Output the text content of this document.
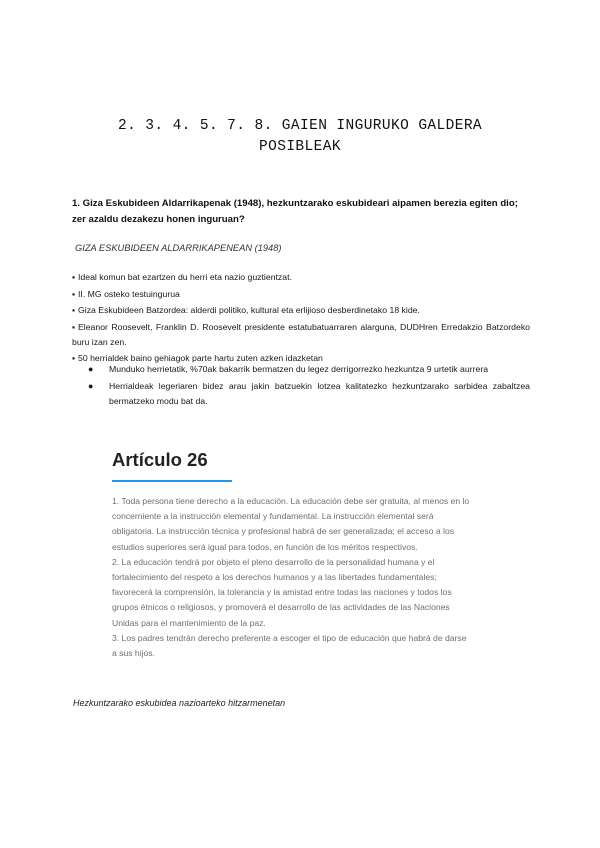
2. 3. 4. 5. 7. 8. GAIEN INGURUKO GALDERA
POSIBLEAK
1. Giza Eskubideen Aldarrikapenak (1948), hezkuntzarako eskubideari aipamen berezia egiten dio; zer azaldu dezakezu honen inguruan?
GIZA ESKUBIDEEN ALDARRIKAPENEAN (1948)
▪ Ideal komun bat ezartzen du herri eta nazio guztientzat.
▪ II. MG osteko testuingurua
▪ Giza Eskubideen Batzordea: alderdi politiko, kultural eta erlijioso desberdinetako 18 kide.
▪ Eleanor Roosevelt, Franklin D. Roosevelt presidente estatubatuarraren alarguna, DUDHren Erredakzio Batzordeko buru izan zen.
▪ 50 herrialdek baino gehiagok parte hartu zuten azken idazketan
● Munduko herrietatik, %70ak bakarrik bermatzen du legez derrigorrezko hezkuntza 9 urtetik aurrera
● Herrialdeak legeriaren bidez arau jakin batzuekin lotzea kalitatezko hezkuntzarako sarbidea zabaltzea bermatzeko modu bat da.
Artículo 26

1. Toda persona tiene derecho a la educación. La educación debe ser gratuita, al menos en lo concerniente a la instrucción elemental y fundamental. La instrucción elemental será obligatoria. La instrucción técnica y profesional habrá de ser generalizada; el acceso a los estudios superiores será igual para todos, en función de los méritos respectivos.

2. La educación tendrá por objeto el pleno desarrollo de la personalidad humana y el fortalecimiento del respeto a los derechos humanos y a las libertades fundamentales; favorecerá la comprensión, la tolerancia y la amistad entre todas las naciones y todos los grupos étnicos o religiosos, y promoverá el desarrollo de las actividades de las Naciones Unidas para el mantenimiento de la paz.

3. Los padres tendrán derecho preferente a escoger el tipo de educación que habrá de darse a sus hijos.

Hezkuntzarako eskubidea nazioarteko hitzarmenetan
